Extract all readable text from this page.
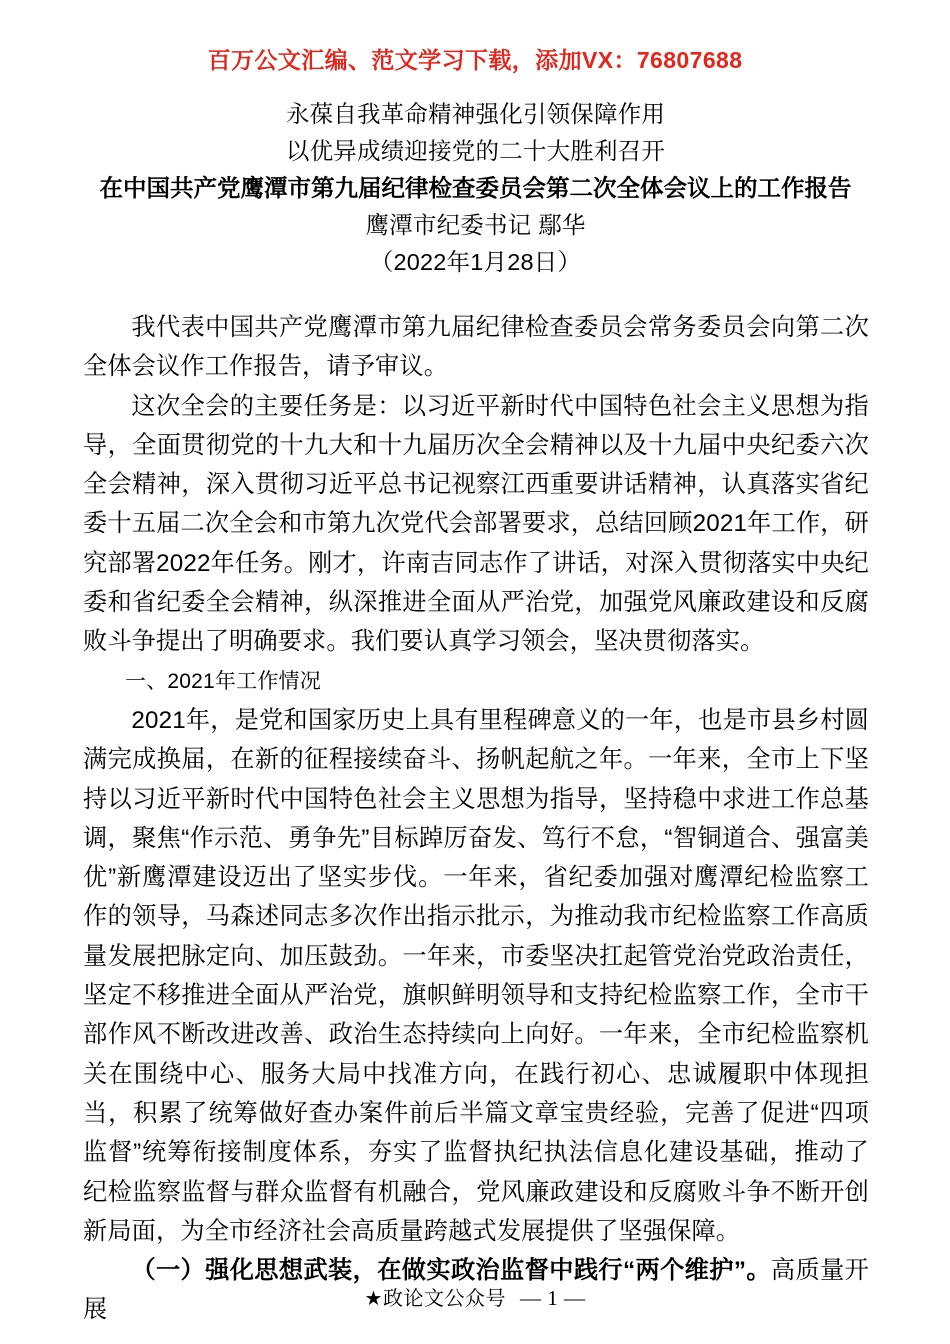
百万公文汇编、范文学习下载，添加VX：76807688
永葆自我革命精神强化引领保障作用
以优异成绩迎接党的二十大胜利召开
在中国共产党鹰潭市第九届纪律检查委员会第二次全体会议上的工作报告
鹰潭市纪委书记 鄢华
（2022年1月28日）

我代表中国共产党鹰潭市第九届纪律检查委员会常务委员会向第二次全体会议作工作报告，请予审议。

这次全会的主要任务是：以习近平新时代中国特色社会主义思想为指导，全面贯彻党的十九大和十九届历次全会精神以及十九届中央纪委六次全会精神，深入贯彻习近平总书记视察江西重要讲话精神，认真落实省纪委十五届二次全会和市第九次党代会部署要求，总结回顾2021年工作，研究部署2022年任务。刚才，许南吉同志作了讲话，对深入贯彻落实中央纪委和省纪委全会精神，纵深推进全面从严治党，加强党风廉政建设和反腐败斗争提出了明确要求。我们要认真学习领会，坚决贯彻落实。

一、2021年工作情况

2021年，是党和国家历史上具有里程碑意义的一年，也是市县乡村圆满完成换届，在新的征程接续奋斗、扬帆起航之年。一年来，全市上下坚持以习近平新时代中国特色社会主义思想为指导，坚持稳中求进工作总基调，聚焦“作示范、勇争先”目标踔厉奋发、笃行不怠，“智铜道合、强富美优”新鹰潭建设迈出了坚实步伐。一年来，省纪委加强对鹰潭纪检监察工作的领导，马森述同志多次作出指示批示，为推动我市纪检监察工作高质量发展把脉定向、加压鼓劲。一年来，市委坚决扛起管党治党政治责任，坚定不移推进全面从严治党，旗帜鲜明领导和支持纪检监察工作，全市干部作风不断改进改善、政治生态持续向上向好。一年来，全市纪检监察机关在围绕中心、服务大局中找准方向，在践行初心、忠诚履职中体现担当，积累了统筹做好查办案件前后半篇文章宝贵经验，完善了促进“四项监督”统筹衔接制度体系，夯实了监督执纪执法信息化建设基础，推动了纪检监察监督与群众监督有机融合，党风廉政建设和反腐败斗争不断开创新局面，为全市经济社会高质量跨越式发展提供了坚强保障。

（一）强化思想武装，在做实政治监督中践行“两个维护”。高质量开展	★政论文公众号 — 1 —
